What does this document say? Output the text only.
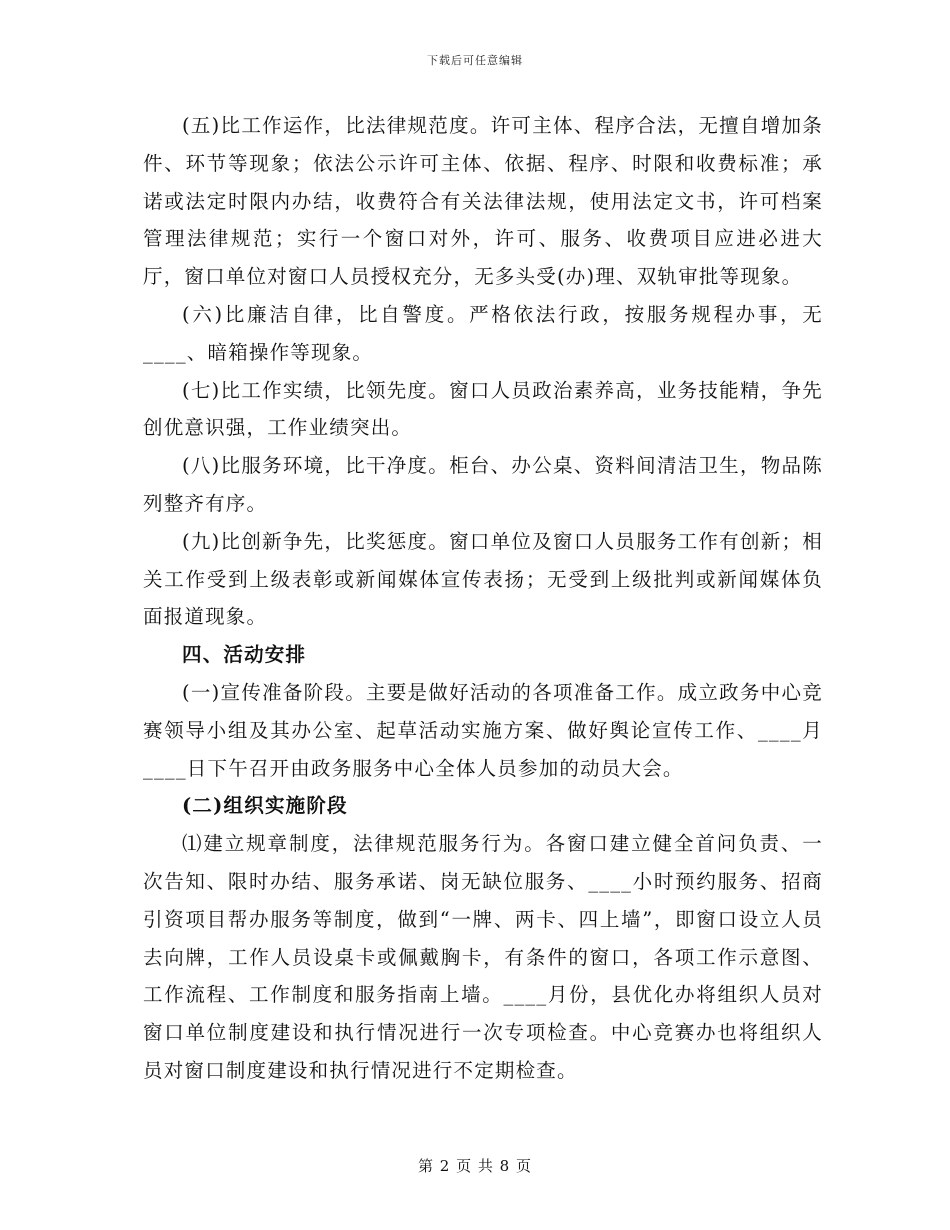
下载后可任意编辑

(五)比工作运作，比法律规范度。许可主体、程序合法，无擅自增加条件、环节等现象；依法公示许可主体、依据、程序、时限和收费标准；承诺或法定时限内办结，收费符合有关法律法规，使用法定文书，许可档案管理法律规范；实行一个窗口对外，许可、服务、收费项目应进必进大厅，窗口单位对窗口人员授权充分，无多头受(办)理、双轨审批等现象。

(六)比廉洁自律，比自警度。严格依法行政，按服务规程办事，无____、暗箱操作等现象。

(七)比工作实绩，比领先度。窗口人员政治素养高，业务技能精，争先创优意识强，工作业绩突出。

(八)比服务环境，比干净度。柜台、办公桌、资料间清洁卫生，物品陈列整齐有序。

(九)比创新争先，比奖惩度。窗口单位及窗口人员服务工作有创新；相关工作受到上级表彰或新闻媒体宣传表扬；无受到上级批判或新闻媒体负面报道现象。

四、活动安排

(一)宣传准备阶段。主要是做好活动的各项准备工作。成立政务中心竞赛领导小组及其办公室、起草活动实施方案、做好舆论宣传工作、____月____日下午召开由政务服务中心全体人员参加的动员大会。

(二)组织实施阶段

⑴建立规章制度，法律规范服务行为。各窗口建立健全首问负责、一次告知、限时办结、服务承诺、岗无缺位服务、____小时预约服务、招商引资项目帮办服务等制度，做到“一牌、两卡、四上墙”，即窗口设立人员去向牌，工作人员设桌卡或佩戴胸卡，有条件的窗口，各项工作示意图、工作流程、工作制度和服务指南上墙。____月份，县优化办将组织人员对窗口单位制度建设和执行情况进行一次专项检查。中心竞赛办也将组织人员对窗口制度建设和执行情况进行不定期检查。

第 2 页 共 8 页
